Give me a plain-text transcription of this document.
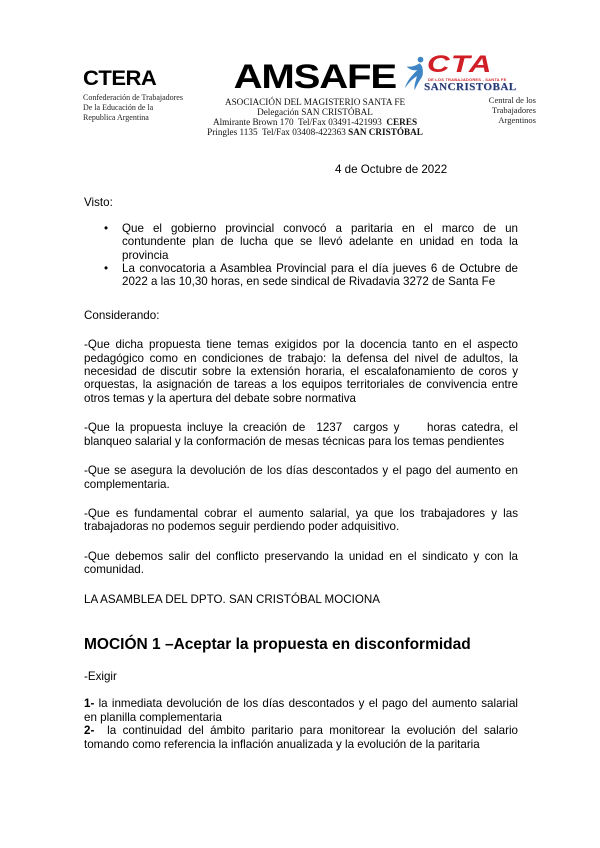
CTERA
Confederación de Trabajadores
De la Educación de la
Republica Argentina
AMSAFE
ASOCIACIÓN DEL MAGISTERIO SANTA FE
Delegación SAN CRISTÓBAL
Almirante Brown 170  Tel/Fax 03491-421993  CERES
Pringles 1135  Tel/Fax 03408-422363 SAN CRISTÓBAL
CTA
DE LOS TRABAJADORES - SANTA FE
SANCRISTOBAL
Central de los
Trabajadores
Argentinos

4 de Octubre de 2022

Visto:

•	Que el gobierno provincial convocó a paritaria en el marco de un contundente plan de lucha que se llevó adelante en unidad en toda la provincia
•	La convocatoria a Asamblea Provincial para el día jueves 6 de Octubre de 2022 a las 10,30 horas, en sede sindical de Rivadavia 3272 de Santa Fe

Considerando:

-Que dicha propuesta tiene temas exigidos por la docencia tanto en el aspecto pedagógico como en condiciones de trabajo: la defensa del nivel de adultos, la necesidad de discutir sobre la extensión horaria, el escalafonamiento de coros y orquestas, la asignación de tareas a los equipos territoriales de convivencia entre otros temas y la apertura del debate sobre normativa

-Que la propuesta incluye la creación de  1237  cargos y     horas catedra, el blanqueo salarial y la conformación de mesas técnicas para los temas pendientes

-Que se asegura la devolución de los días descontados y el pago del aumento en complementaria.

-Que es fundamental cobrar el aumento salarial, ya que los trabajadores y las trabajadoras no podemos seguir perdiendo poder adquisitivo.

-Que debemos salir del conflicto preservando la unidad en el sindicato y con la comunidad.

LA ASAMBLEA DEL DPTO. SAN CRISTÓBAL MOCIONA

MOCIÓN 1 –Aceptar la propuesta en disconformidad

-Exigir

1- la inmediata devolución de los días descontados y el pago del aumento salarial en planilla complementaria

2-  la continuidad del ámbito paritario para monitorear la evolución del salario tomando como referencia la inflación anualizada y la evolución de la paritaria
